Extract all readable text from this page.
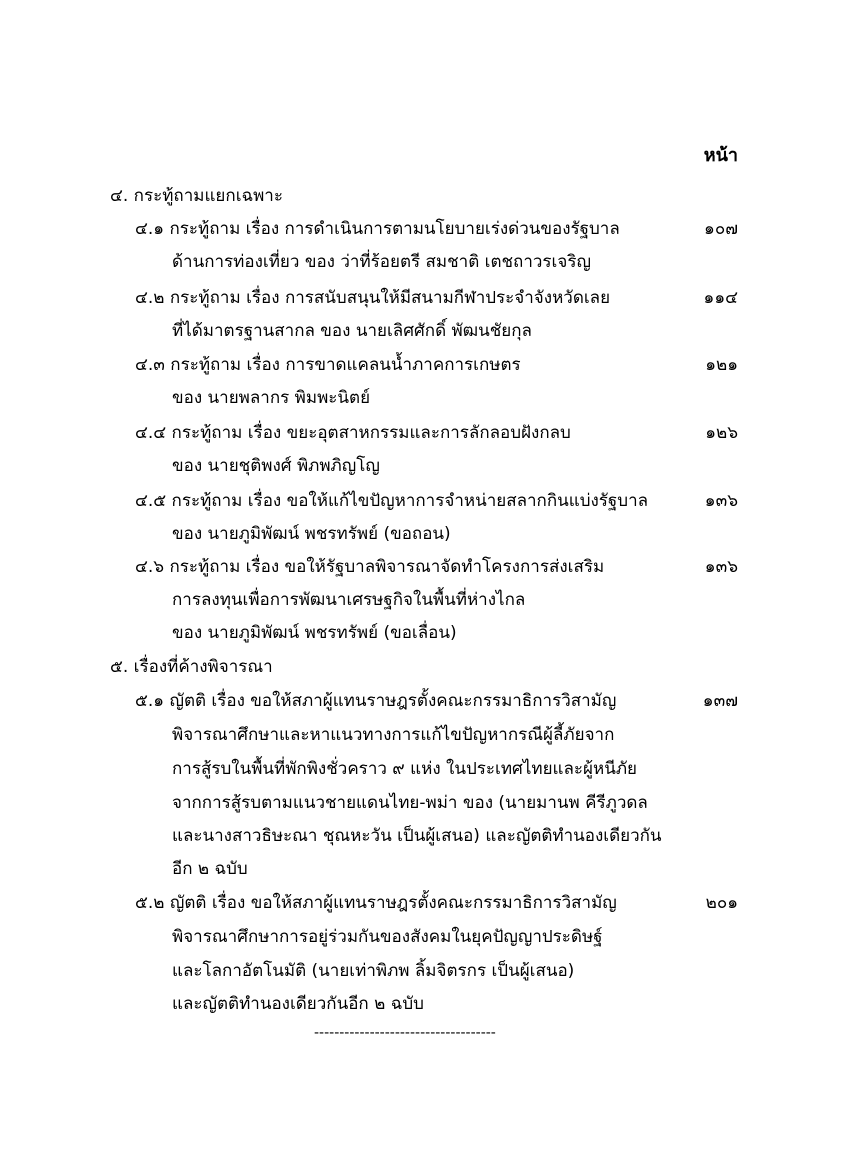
หน้า
๔. กระทู้ถามแยกเฉพาะ
๔.๑ กระทู้ถาม เรื่อง การดำเนินการตามนโยบายเร่งด่วนของรัฐบาล	๑๐๗
ด้านการท่องเที่ยว ของ ว่าที่ร้อยตรี สมชาติ เตชถาวรเจริญ
๔.๒ กระทู้ถาม เรื่อง การสนับสนุนให้มีสนามกีฬาประจำจังหวัดเลย	๑๑๔
ที่ได้มาตรฐานสากล ของ นายเลิศศักดิ์ พัฒนชัยกุล
๔.๓ กระทู้ถาม เรื่อง การขาดแคลนน้ำภาคการเกษตร	๑๒๑
ของ นายพลากร พิมพะนิตย์
๔.๔ กระทู้ถาม เรื่อง ขยะอุตสาหกรรมและการลักลอบฝังกลบ	๑๒๖
ของ นายชุติพงศ์ พิภพภิญโญ
๔.๕ กระทู้ถาม เรื่อง ขอให้แก้ไขปัญหาการจำหน่ายสลากกินแบ่งรัฐบาล	๑๓๖
ของ นายภูมิพัฒน์ พชรทรัพย์ (ขอถอน)
๔.๖ กระทู้ถาม เรื่อง ขอให้รัฐบาลพิจารณาจัดทำโครงการส่งเสริม	๑๓๖
การลงทุนเพื่อการพัฒนาเศรษฐกิจในพื้นที่ห่างไกล
ของ นายภูมิพัฒน์ พชรทรัพย์ (ขอเลื่อน)
๕. เรื่องที่ค้างพิจารณา
๕.๑ ญัตติ เรื่อง ขอให้สภาผู้แทนราษฎรตั้งคณะกรรมาธิการวิสามัญ	๑๓๗
พิจารณาศึกษาและหาแนวทางการแก้ไขปัญหากรณีผู้ลี้ภัยจาก
การสู้รบในพื้นที่พักพิงชั่วคราว ๙ แห่ง ในประเทศไทยและผู้หนีภัย
จากการสู้รบตามแนวชายแดนไทย-พม่า ของ (นายมานพ คีรีภูวดล
และนางสาวธิษะณา ชุณหะวัน เป็นผู้เสนอ) และญัตติทำนองเดียวกัน
อีก ๒ ฉบับ
๕.๒ ญัตติ เรื่อง ขอให้สภาผู้แทนราษฎรตั้งคณะกรรมาธิการวิสามัญ	๒๐๑
พิจารณาศึกษาการอยู่ร่วมกันของสังคมในยุคปัญญาประดิษฐ์
และโลกาอัตโนมัติ (นายเท่าพิภพ ลิ้มจิตรกร เป็นผู้เสนอ)
และญัตติทำนองเดียวกันอีก ๒ ฉบับ
------------------------------------
